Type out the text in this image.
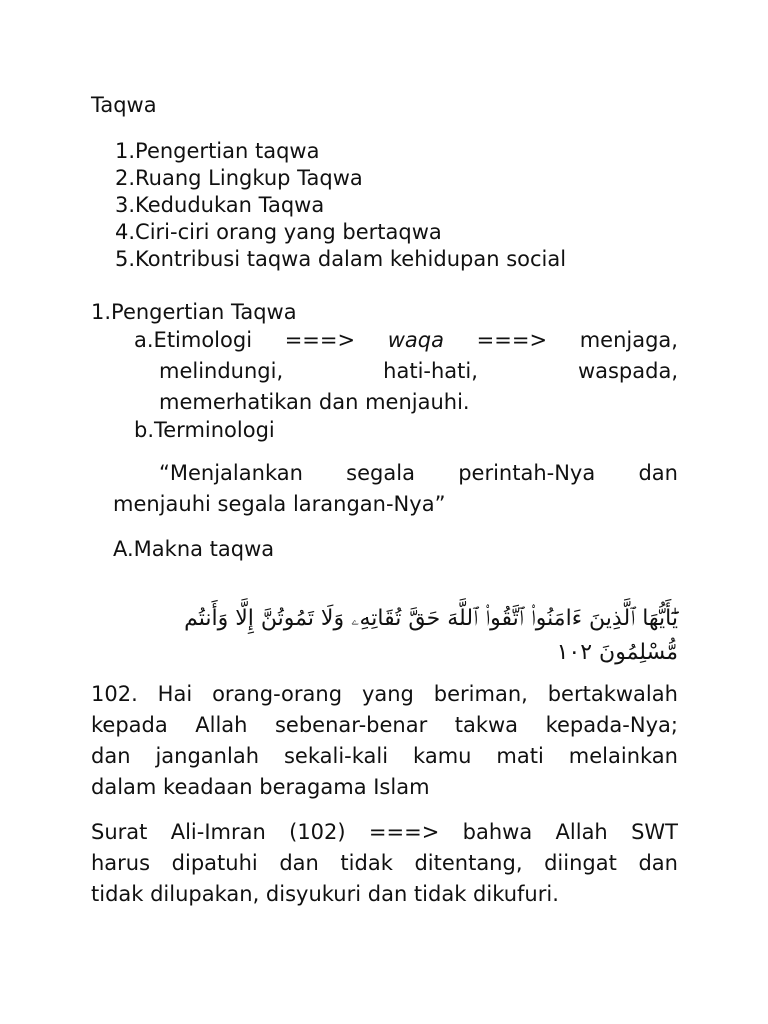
Taqwa
1.Pengertian taqwa
2.Ruang Lingkup Taqwa
3.Kedudukan Taqwa
4.Ciri-ciri orang yang bertaqwa
5.Kontribusi taqwa dalam kehidupan social
1.Pengertian Taqwa
a.Etimologi ===> waqa ===> menjaga,
melindungi,	hati-hati,	waspada,
memerhatikan dan menjauhi.
b.Terminologi
“Menjalankan segala perintah-Nya dan
menjauhi segala larangan-Nya”
A.Makna taqwa
يَٰٓأَيُّهَا ٱلَّذِينَ ءَامَنُوا۟ ٱتَّقُوا۟ ٱللَّهَ حَقَّ تُقَاتِهِۦ وَلَا تَمُوتُنَّ إِلَّا وَأَنتُم
مُّسْلِمُونَ ١٠٢
102. Hai orang-orang yang beriman, bertakwalah
kepada Allah sebenar-benar takwa kepada-Nya;
dan janganlah sekali-kali kamu mati melainkan
dalam keadaan beragama Islam
Surat Ali-Imran (102) ===> bahwa Allah SWT
harus dipatuhi dan tidak ditentang, diingat dan
tidak dilupakan, disyukuri dan tidak dikufuri.
